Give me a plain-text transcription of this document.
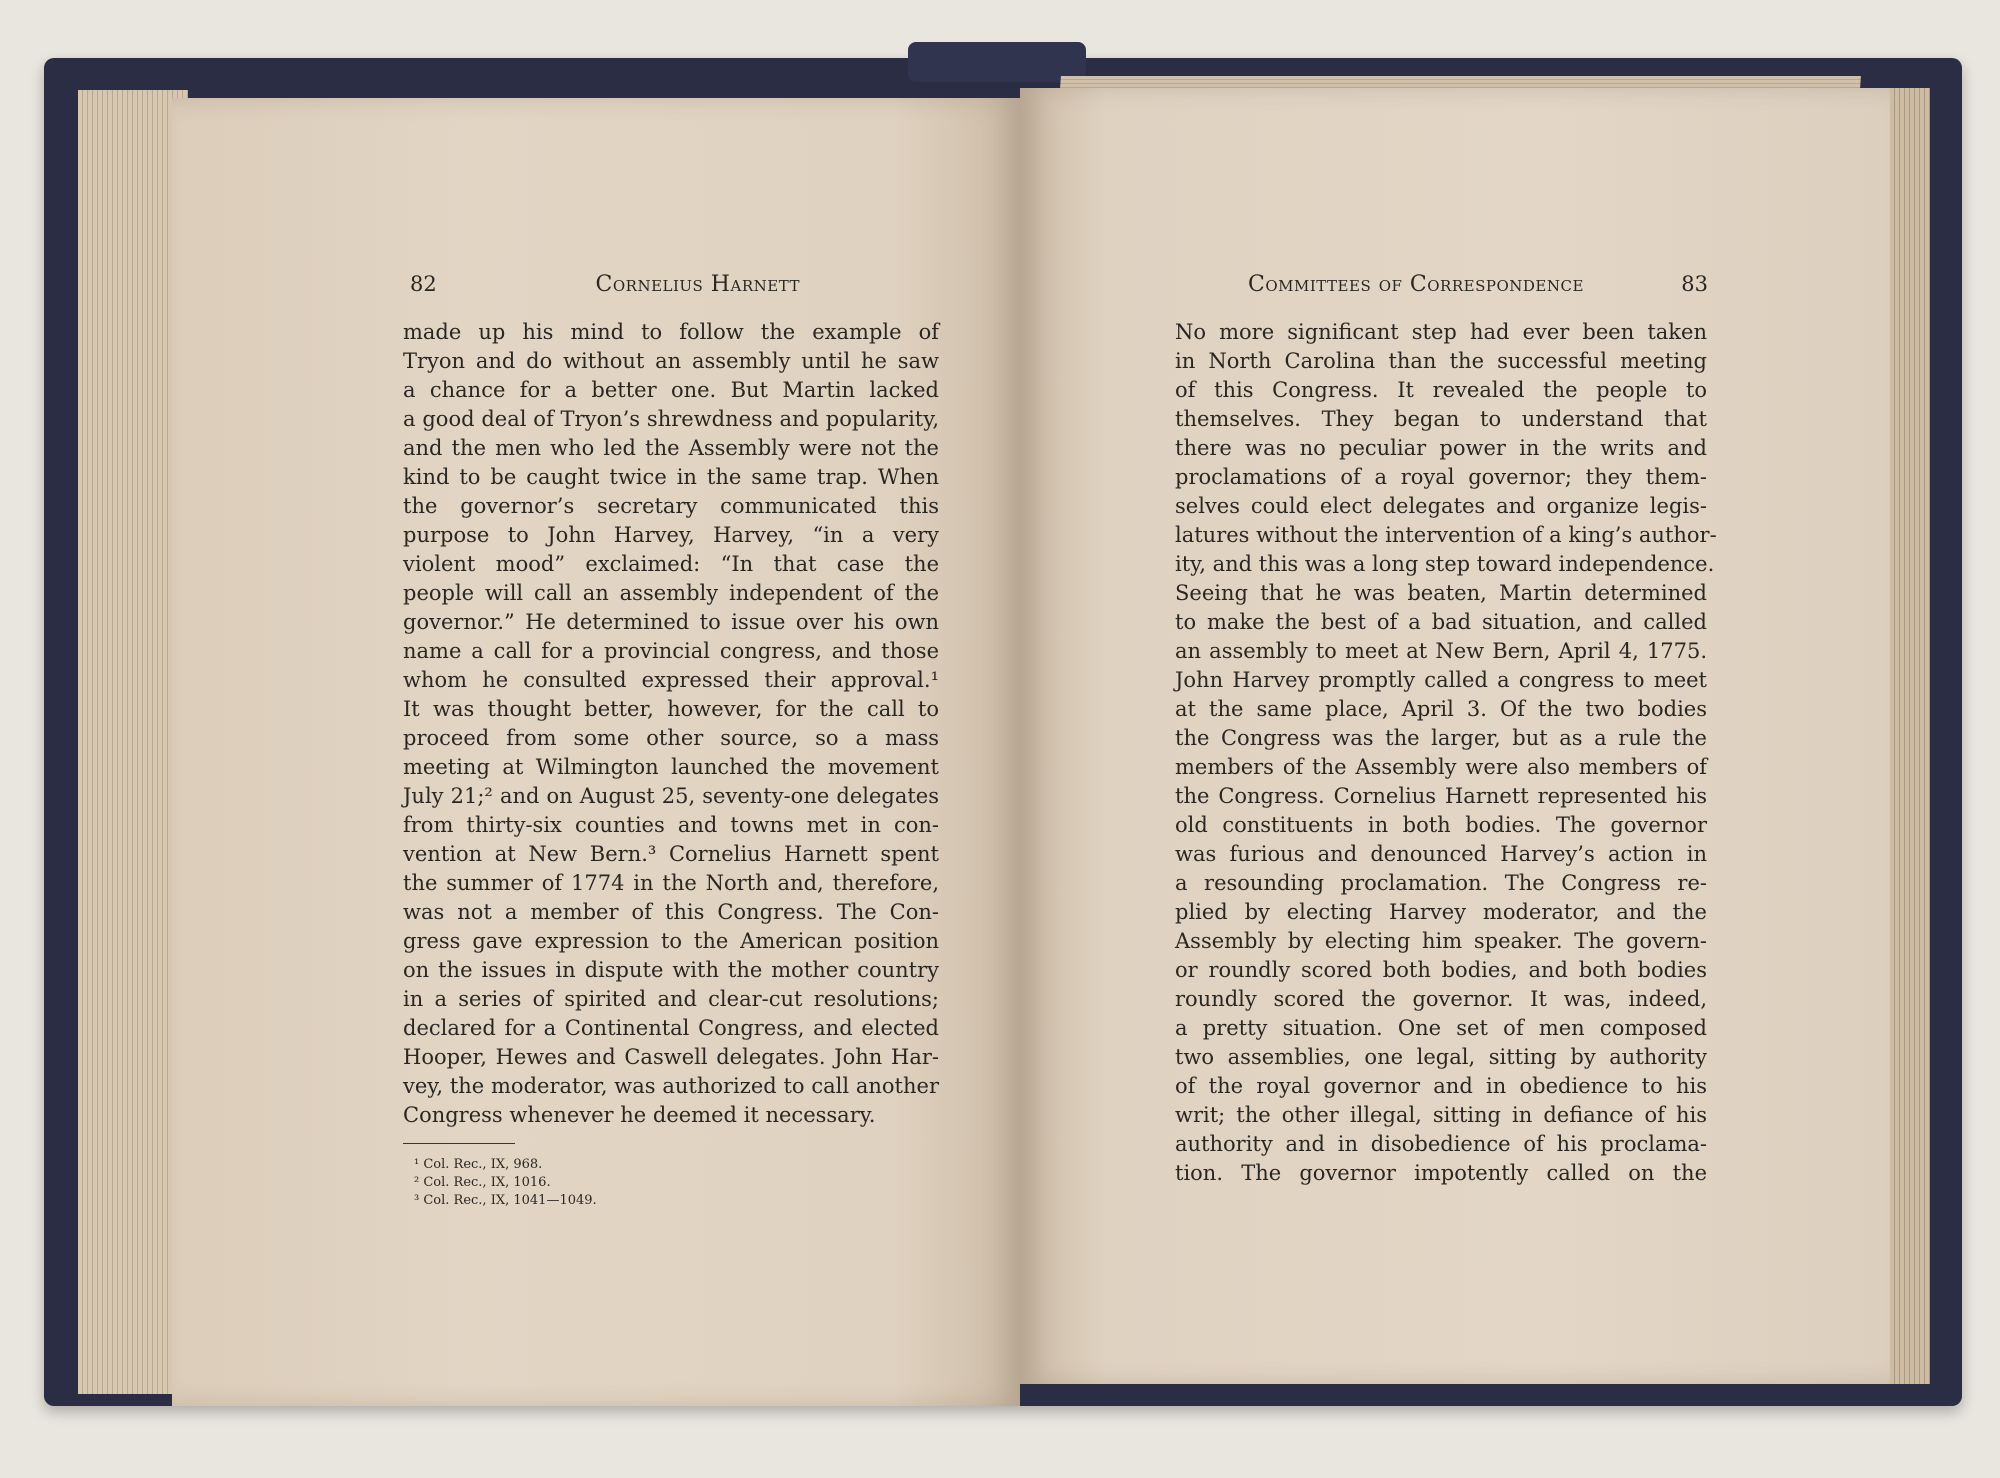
82	Cornelius Harnett
made up his mind to follow the example of
Tryon and do without an assembly until he saw
a chance for a better one. But Martin lacked
a good deal of Tryon’s shrewdness and popularity,
and the men who led the Assembly were not the
kind to be caught twice in the same trap. When
the governor’s secretary communicated this
purpose to John Harvey, Harvey, “in a very
violent mood” exclaimed: “In that case the
people will call an assembly independent of the
governor.” He determined to issue over his own
name a call for a provincial congress, and those
whom he consulted expressed their approval.¹
It was thought better, however, for the call to
proceed from some other source, so a mass
meeting at Wilmington launched the movement
July 21;² and on August 25, seventy-one delegates
from thirty-six counties and towns met in con-
vention at New Bern.³ Cornelius Harnett spent
the summer of 1774 in the North and, therefore,
was not a member of this Congress. The Con-
gress gave expression to the American position
on the issues in dispute with the mother country
in a series of spirited and clear-cut resolutions;
declared for a Continental Congress, and elected
Hooper, Hewes and Caswell delegates. John Har-
vey, the moderator, was authorized to call another
Congress whenever he deemed it necessary.
¹ Col. Rec., IX, 968.
² Col. Rec., IX, 1016.
³ Col. Rec., IX, 1041—1049.
Committees of Correspondence	83
No more significant step had ever been taken
in North Carolina than the successful meeting
of this Congress. It revealed the people to
themselves. They began to understand that
there was no peculiar power in the writs and
proclamations of a royal governor; they them-
selves could elect delegates and organize legis-
latures without the intervention of a king’s author-
ity, and this was a long step toward independence.
Seeing that he was beaten, Martin determined
to make the best of a bad situation, and called
an assembly to meet at New Bern, April 4, 1775.
John Harvey promptly called a congress to meet
at the same place, April 3. Of the two bodies
the Congress was the larger, but as a rule the
members of the Assembly were also members of
the Congress. Cornelius Harnett represented his
old constituents in both bodies. The governor
was furious and denounced Harvey’s action in
a resounding proclamation. The Congress re-
plied by electing Harvey moderator, and the
Assembly by electing him speaker. The govern-
or roundly scored both bodies, and both bodies
roundly scored the governor. It was, indeed,
a pretty situation. One set of men composed
two assemblies, one legal, sitting by authority
of the royal governor and in obedience to his
writ; the other illegal, sitting in defiance of his
authority and in disobedience of his proclama-
tion. The governor impotently called on the
